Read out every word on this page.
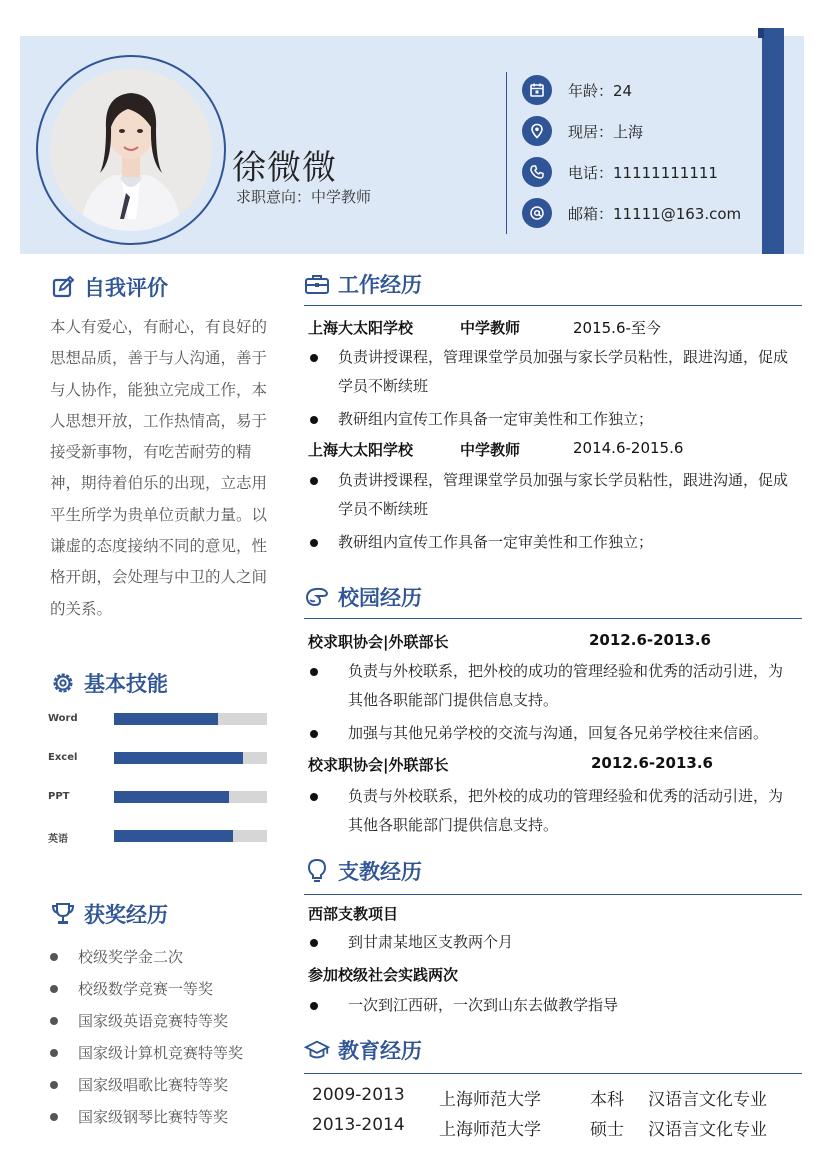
徐微微
求职意向：中学教师
年龄：24
现居：上海
电话：11111111111
邮箱：11111@163.com
自我评价

本人有爱心，有耐心，有良好的思想品质，善于与人沟通，善于与人协作，能独立完成工作，本人思想开放，工作热情高，易于接受新事物，有吃苦耐劳的精神，期待着伯乐的出现，立志用平生所学为贵单位贡献力量。以谦虚的态度接纳不同的意见，性格开朗，会处理与中卫的人之间的关系。

基本技能
Word
Excel
PPT
英语
获奖经历
校级奖学金二次
校级数学竞赛一等奖
国家级英语竞赛特等奖
国家级计算机竞赛特等奖
国家级唱歌比赛特等奖
国家级钢琴比赛特等奖
工作经历
上海大太阳学校	中学教师	2015.6-至今
负责讲授课程，管理课堂学员加强与家长学员粘性，跟进沟通，促成学员不断续班
教研组内宣传工作具备一定审美性和工作独立；
上海大太阳学校	中学教师	2014.6-2015.6
负责讲授课程，管理课堂学员加强与家长学员粘性，跟进沟通，促成学员不断续班
教研组内宣传工作具备一定审美性和工作独立；
校园经历
校求职协会|外联部长	2012.6-2013.6
负责与外校联系，把外校的成功的管理经验和优秀的活动引进，为其他各职能部门提供信息支持。
加强与其他兄弟学校的交流与沟通，回复各兄弟学校往来信函。
校求职协会|外联部长	2012.6-2013.6
负责与外校联系，把外校的成功的管理经验和优秀的活动引进，为其他各职能部门提供信息支持。
支教经历
西部支教项目
到甘肃某地区支教两个月
参加校级社会实践两次
一次到江西研，一次到山东去做教学指导
教育经历
2009-2013 上海师范大学	本科 汉语言文化专业
2013-2014 上海师范大学	硕士 汉语言文化专业
